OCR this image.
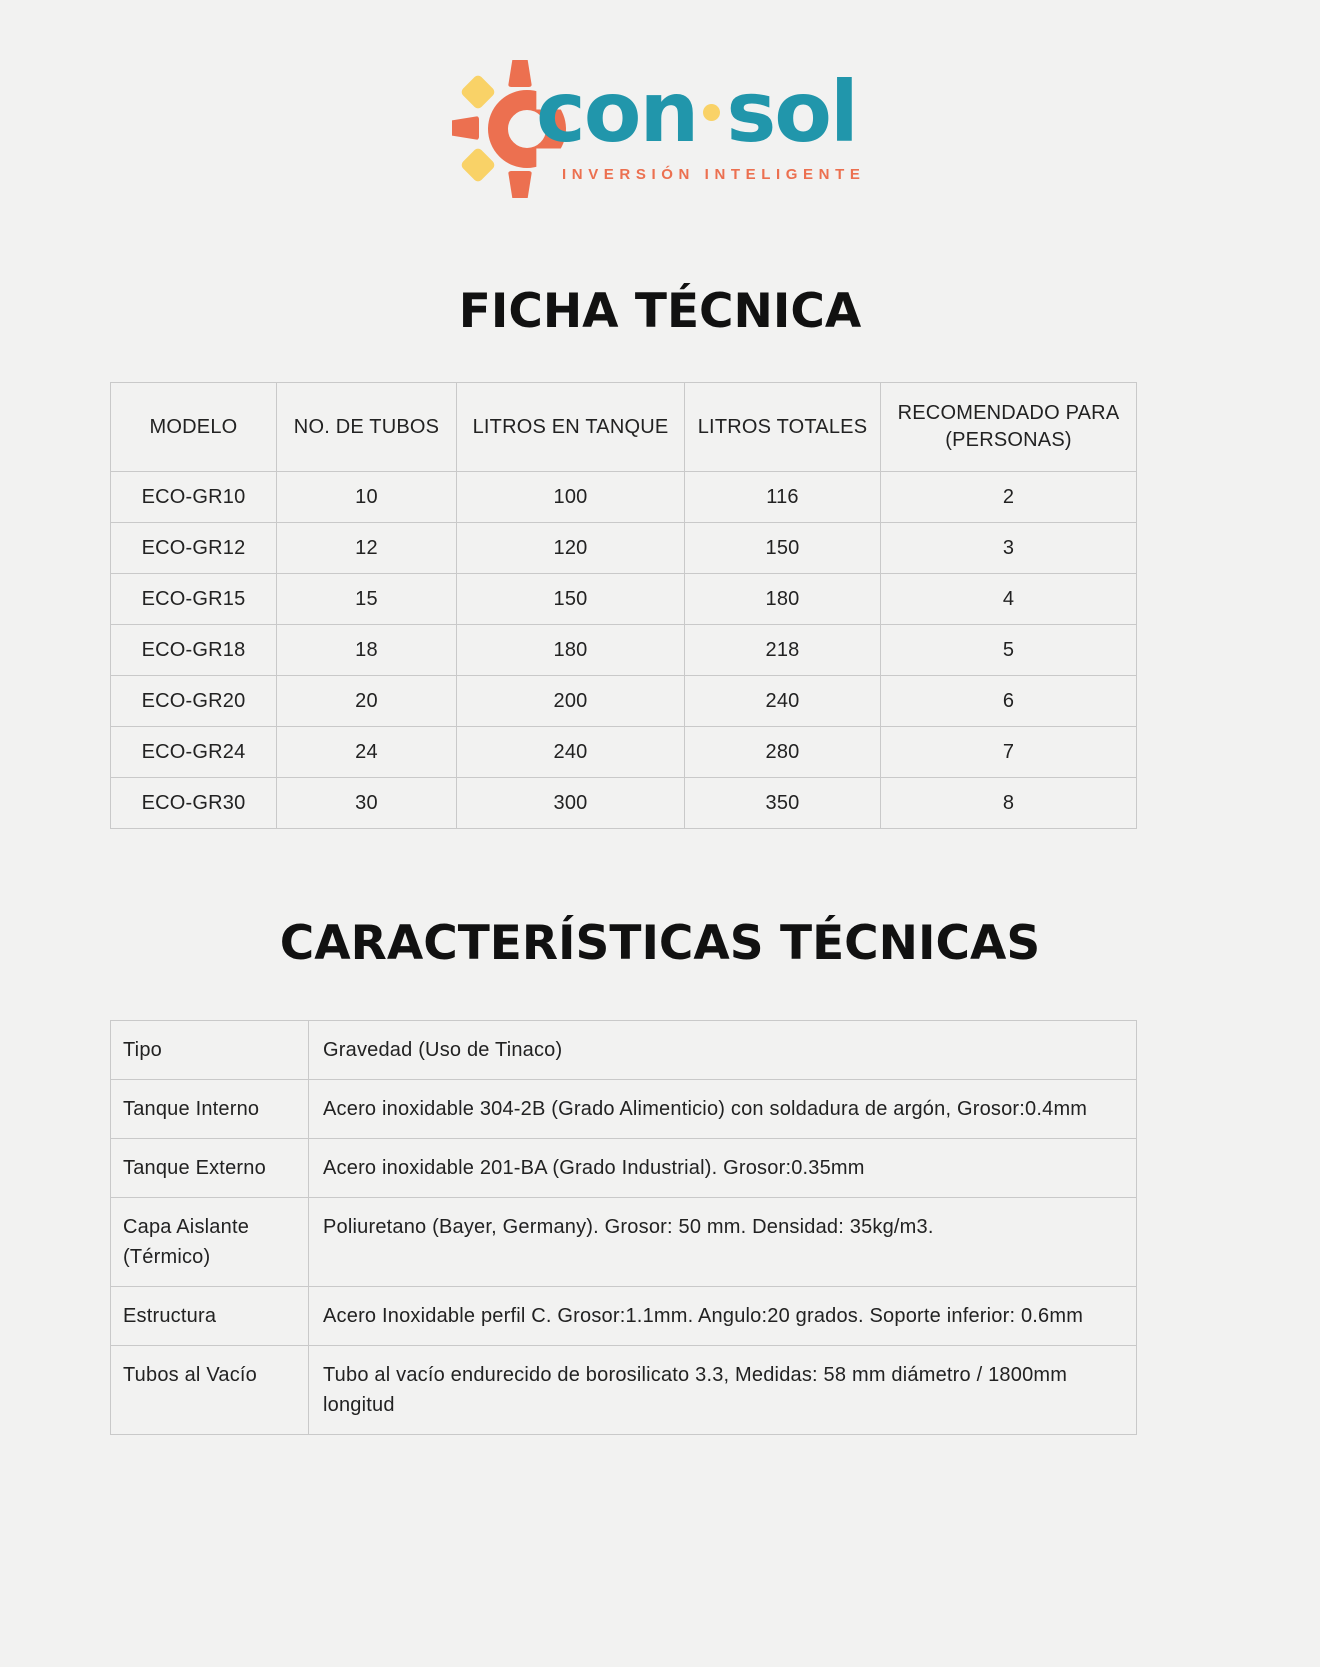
con sol
INVERSIÓN INTELIGENTE
FICHA TÉCNICA
MODELO	NO. DE TUBOS	LITROS EN TANQUE	LITROS TOTALES	RECOMENDADO PARA (PERSONAS)
ECO-GR10	10	100	116	2
ECO-GR12	12	120	150	3
ECO-GR15	15	150	180	4
ECO-GR18	18	180	218	5
ECO-GR20	20	200	240	6
ECO-GR24	24	240	280	7
ECO-GR30	30	300	350	8
CARACTERÍSTICAS TÉCNICAS
Tipo	Gravedad (Uso de Tinaco)
Tanque Interno	Acero inoxidable 304-2B (Grado Alimenticio) con soldadura de argón, Grosor:0.4mm
Tanque Externo	Acero inoxidable 201-BA (Grado Industrial). Grosor:0.35mm
Capa Aislante (Térmico)	Poliuretano (Bayer, Germany). Grosor: 50 mm. Densidad: 35kg/m3.
Estructura	Acero Inoxidable perfil C. Grosor:1.1mm. Angulo:20 grados. Soporte inferior: 0.6mm
Tubos al Vacío	Tubo al vacío endurecido de borosilicato 3.3, Medidas: 58 mm diámetro / 1800mm longitud
